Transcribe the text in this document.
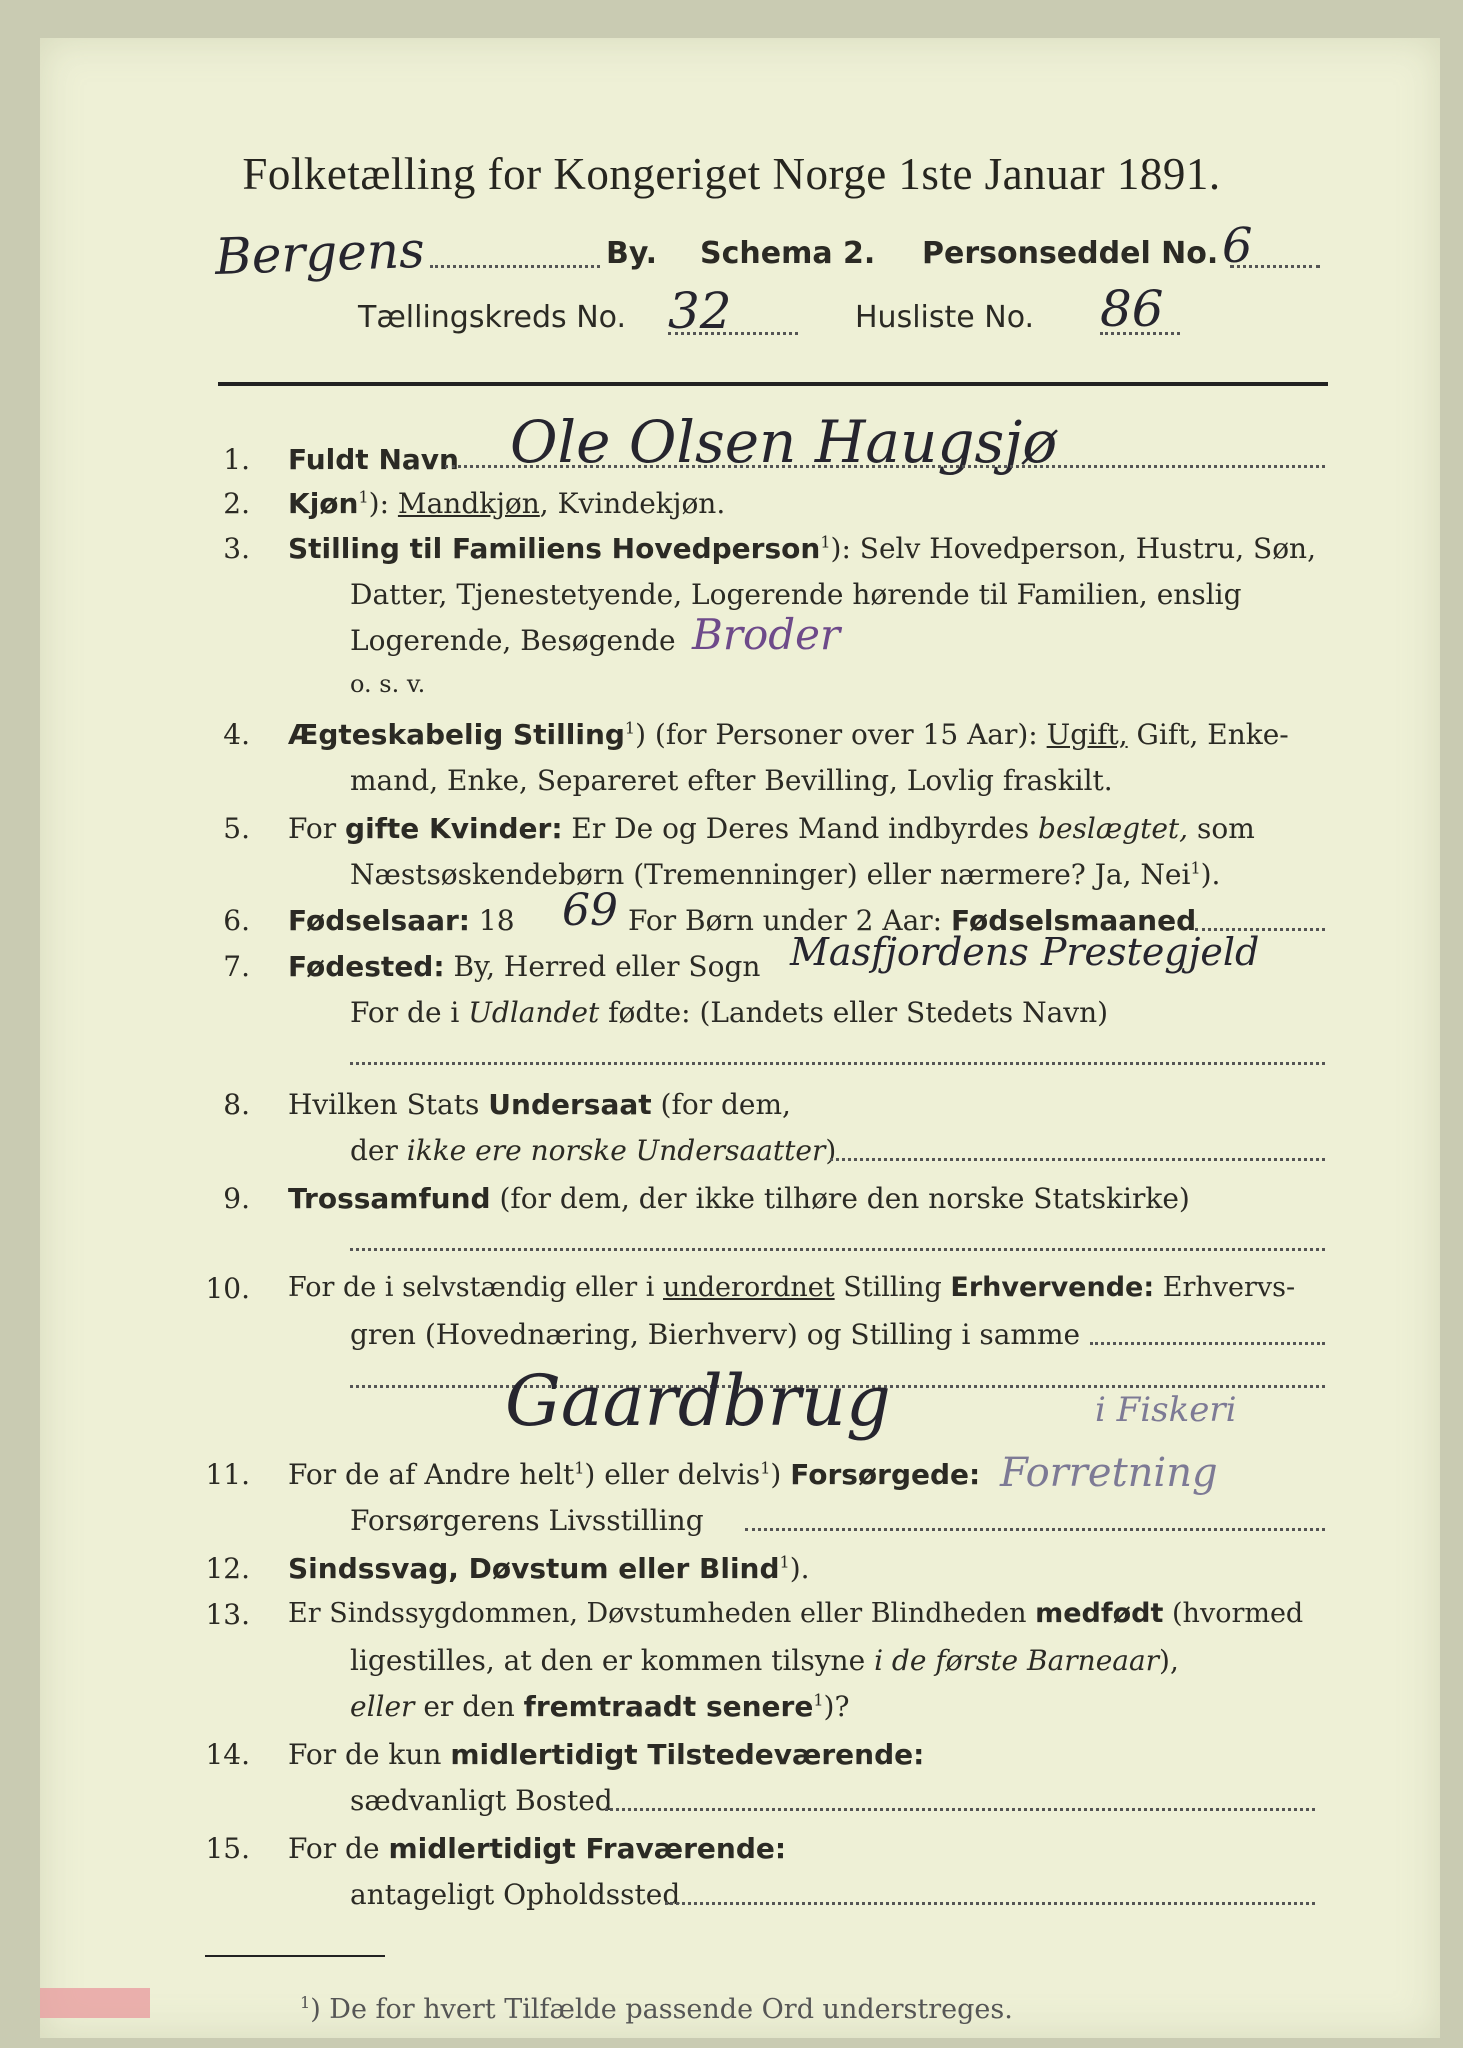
Folketælling for Kongeriget Norge 1ste Januar 1891.
Bergens	By. Schema 2. Personseddel No. 6
Tællingskreds No. 32	Husliste No. 86
1. Fuldt Navn Ole Olsen Haugsjø
2. Kjøn$^1$): Mandkjøn, Kvindekjøn.
3. Stilling til Familiens Hovedperson$^1$): Selv Hovedperson, Hustru, Søn,
Datter, Tjenestetyende, Logerende hørende til Familien, enslig
Logerende, Besøgende Broder
o. s. v.
4. Ægteskabelig Stilling$^1$) (for Personer over 15 Aar): Ugift, Gift, Enke-
mand, Enke, Separeret efter Bevilling, Lovlig fraskilt.
5. For gifte Kvinder: Er De og Deres Mand indbyrdes beslægtet, som
Næstsøskendebørn (Tremenninger) eller nærmere? Ja, Nei$^1$).
6. Fødselsaar: 18 69 For Børn under 2 Aar: Fødselsmaaned
7. Fødested: By, Herred eller Sogn Masfjordens Prestegjeld
For de i Udlandet fødte: (Landets eller Stedets Navn)
8. Hvilken Stats Undersaat (for dem,
der ikke ere norske Undersaatter)
9. Trossamfund (for dem, der ikke tilhøre den norske Statskirke)
10. For de i selvstændig eller i underordnet Stilling Erhvervende: Erhvervs-
gren (Hovednæring, Bierhverv) og Stilling i samme
Gaardbrug	i Fiskeri
11. For de af Andre helt$^1$) eller delvis$^1$) Forsørgede: Forretning
Forsørgerens Livsstilling
12. Sindssvag, Døvstum eller Blind$^1$).
13. Er Sindssygdommen, Døvstumheden eller Blindheden medfødt (hvormed
ligestilles, at den er kommen tilsyne i de første Barneaar),
eller er den fremtraadt senere$^1$)?
14. For de kun midlertidigt Tilstedeværende:
sædvanligt Bosted
15. For de midlertidigt Fraværende:
antageligt Opholdssted
$^1$) De for hvert Tilfælde passende Ord understreges.
